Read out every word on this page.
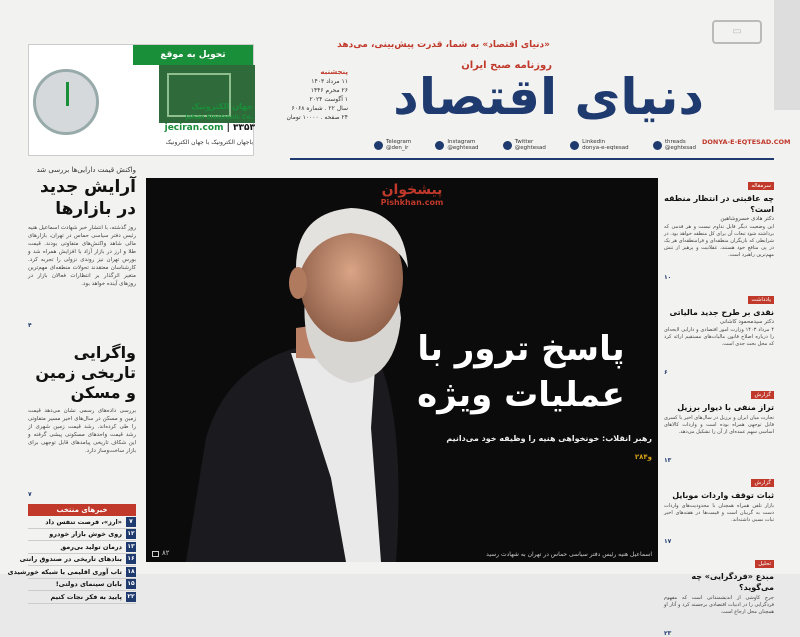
«دنیای اقتصاد» به شما، قدرت پیش‌بینی، می‌دهد
روزنامه صبح ایران
دنیای اقتصاد
پنجشنبه
۱۱ مرداد ۱۴۰۳
۲۶ محرم ۱۴۴۶
۱ آگوست ۲۰۲۴
سال ۲۲ . شماره ۶۰۶۸
۲۴ صفحه . ۱۰۰۰۰ تومان
DONYA-E-EQTESAD.COM
Telegram
@den_ir
Instagram
@eghtesad
Twitter
@eghtesad
Linkedin
donya-e-eqtesad
threads
@eghtesad
▭
تحویل به موقع
جهان الکترونیک
Jahan Electronic Co.
jeciran.com | ۳۳۵۳
باجهان الکترونیک با جهان الکترونیک
واکنش قیمت دارایی‌ها بررسی شد
آرایش جدید در بازارها
روز گذشته، با انتشار خبر شهادت اسماعیل هنیه رئیس دفتر سیاسی حماس در تهران، بازارهای مالی شاهد واکنش‌های متفاوتی بودند. قیمت طلا و ارز در بازار آزاد با افزایش همراه شد و بورس تهران نیز روندی نزولی را تجربه کرد. کارشناسان معتقدند تحولات منطقه‌ای مهم‌ترین متغیر اثرگذار بر انتظارات فعالان بازار در روزهای آینده خواهد بود.
۴
واگرایی تاریخی زمین و مسکن
بررسی داده‌های رسمی نشان می‌دهد قیمت زمین و مسکن در سال‌های اخیر مسیر متفاوتی را طی کرده‌اند. رشد قیمت زمین شهری از رشد قیمت واحدهای مسکونی پیشی گرفته و این شکاف تاریخی پیامدهای قابل توجهی برای بازار ساخت‌وساز دارد.
۷
خبرهای منتخب
۷
«ارز»، فرصت تنفس داد
۱۲
روی خوش بازار خودرو
۱۳
درمان تولید بی‌رمق
۱۶
بنادهای تاریخی در صندوق رانتی
۱۸
تاب آوری اقلیمی با شبکه خورشیدی
۱۵
بابان سینمای دولتی!
۲۲
پایید به فکر نجات کنیم
پیشخوان
Pishkhan.com
پاسخ ترور با عملیات ویژه
رهبر انقلاب: خونخواهی هنیه را وظیفه خود می‌دانیم
۲۸و۴
اسماعیل هنیه رئیس دفتر سیاسی حماس در تهران به شهادت رسید
۸۲
سرمقاله
چه عاقبتی در انتظار منطقه است؟
دکتر هادی خسروشاهین
این وضعیت دیگر قابل تداوم نیست و هر قدمی که برداشته شود تبعات آن برای کل منطقه خواهد بود. در شرایطی که بازیگران منطقه‌ای و فرامنطقه‌ای هر یک در پی منافع خود هستند، عقلانیت و پرهیز از تنش مهم‌ترین راهبرد است.
۱۰
یادداشت
نقدی بر طرح جدید مالیاتی
دکتر سیدمحمود کاشانی
۴ مرداد ۱۴۰۳ وزارت امور اقتصادی و دارایی لایحه‌ای را درباره اصلاح قانون مالیات‌های مستقیم ارائه کرد که محل بحث جدی است.
۶
گزارش
تراز منفی با دیوار برزیل
تجارت میان ایران و برزیل در سال‌های اخیر با کسری قابل توجهی همراه بوده است و واردات کالاهای اساسی سهم عمده‌ای از آن را تشکیل می‌دهد.
۱۳
گزارش
ثبات توقف واردات موبایل
بازار تلفن همراه همچنان با محدودیت‌های واردات دست به گریبان است و قیمت‌ها در هفته‌های اخیر ثبات نسبی داشته‌اند.
۱۷
تحلیل
مبدع «فردگرایی» چه می‌گوید؟
جرج کاوشی از اندیشمندانی است که مفهوم فردگرایی را در ادبیات اقتصادی برجسته کرد و آثار او همچنان محل ارجاع است.
۲۳
